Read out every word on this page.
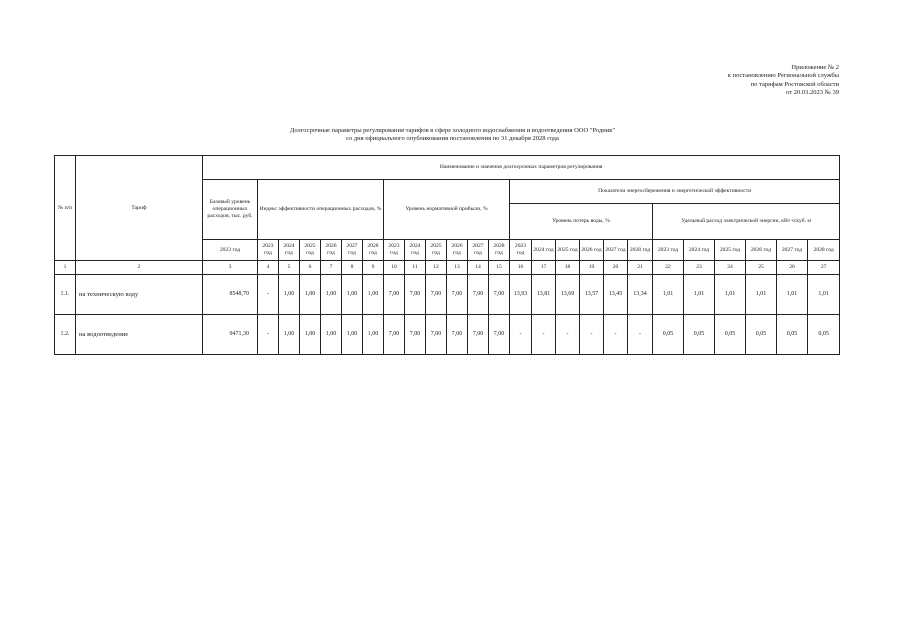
Приложение № 2
к постановлению Региональной службы
по тарифам Ростовской области
от 20.03.2023 № 39
Долгосрочные параметры регулирования тарифов в сфере холодного водоснабжения и водоотведения ООО "Родник"
со дня официального опубликования постановления по 31 декабря 2028 года
№ п/п	Тариф	Наименование и значения долгосрочных параметров регулирования																								
		Базовый уровень операционных расходов, тыс. руб.	Индекс эффективности операционных расходов, %						Уровень нормативной прибыли, %						Показатели энергосбережения и энергетической эффективности											
															Уровень потерь воды, %						Удельный расход электрической энергии, кВт·ч/куб. м					
		2023 год	2023 год	2024 год	2025 год	2026 год	2027 год	2028 год	2023 год	2024 год	2025 год	2026 год	2027 год	2028 год	2023 год	2024 год	2025 год	2026 год	2027 год	2028 год	2023 год	2024 год	2025 год	2026 год	2027 год	2028 год
1	2	3	4	5	6	7	8	9	10	11	12	13	14	15	16	17	18	19	20	21	22	23	24	25	26	27
1.1.	на техническую воду	8548,70	-	1,00	1,00	1,00	1,00	1,00	7,00	7,00	7,00	7,00	7,00	7,00	13,93	13,81	13,69	13,57	13,45	13,34	1,01	1,01	1,01	1,01	1,01	1,01
1.2.	на водоотведение	9471,30	-	1,00	1,00	1,00	1,00	1,00	7,00	7,00	7,00	7,00	7,00	7,00	-	-	-	-	-	-	0,05	0,05	0,05	0,05	0,05	0,05
